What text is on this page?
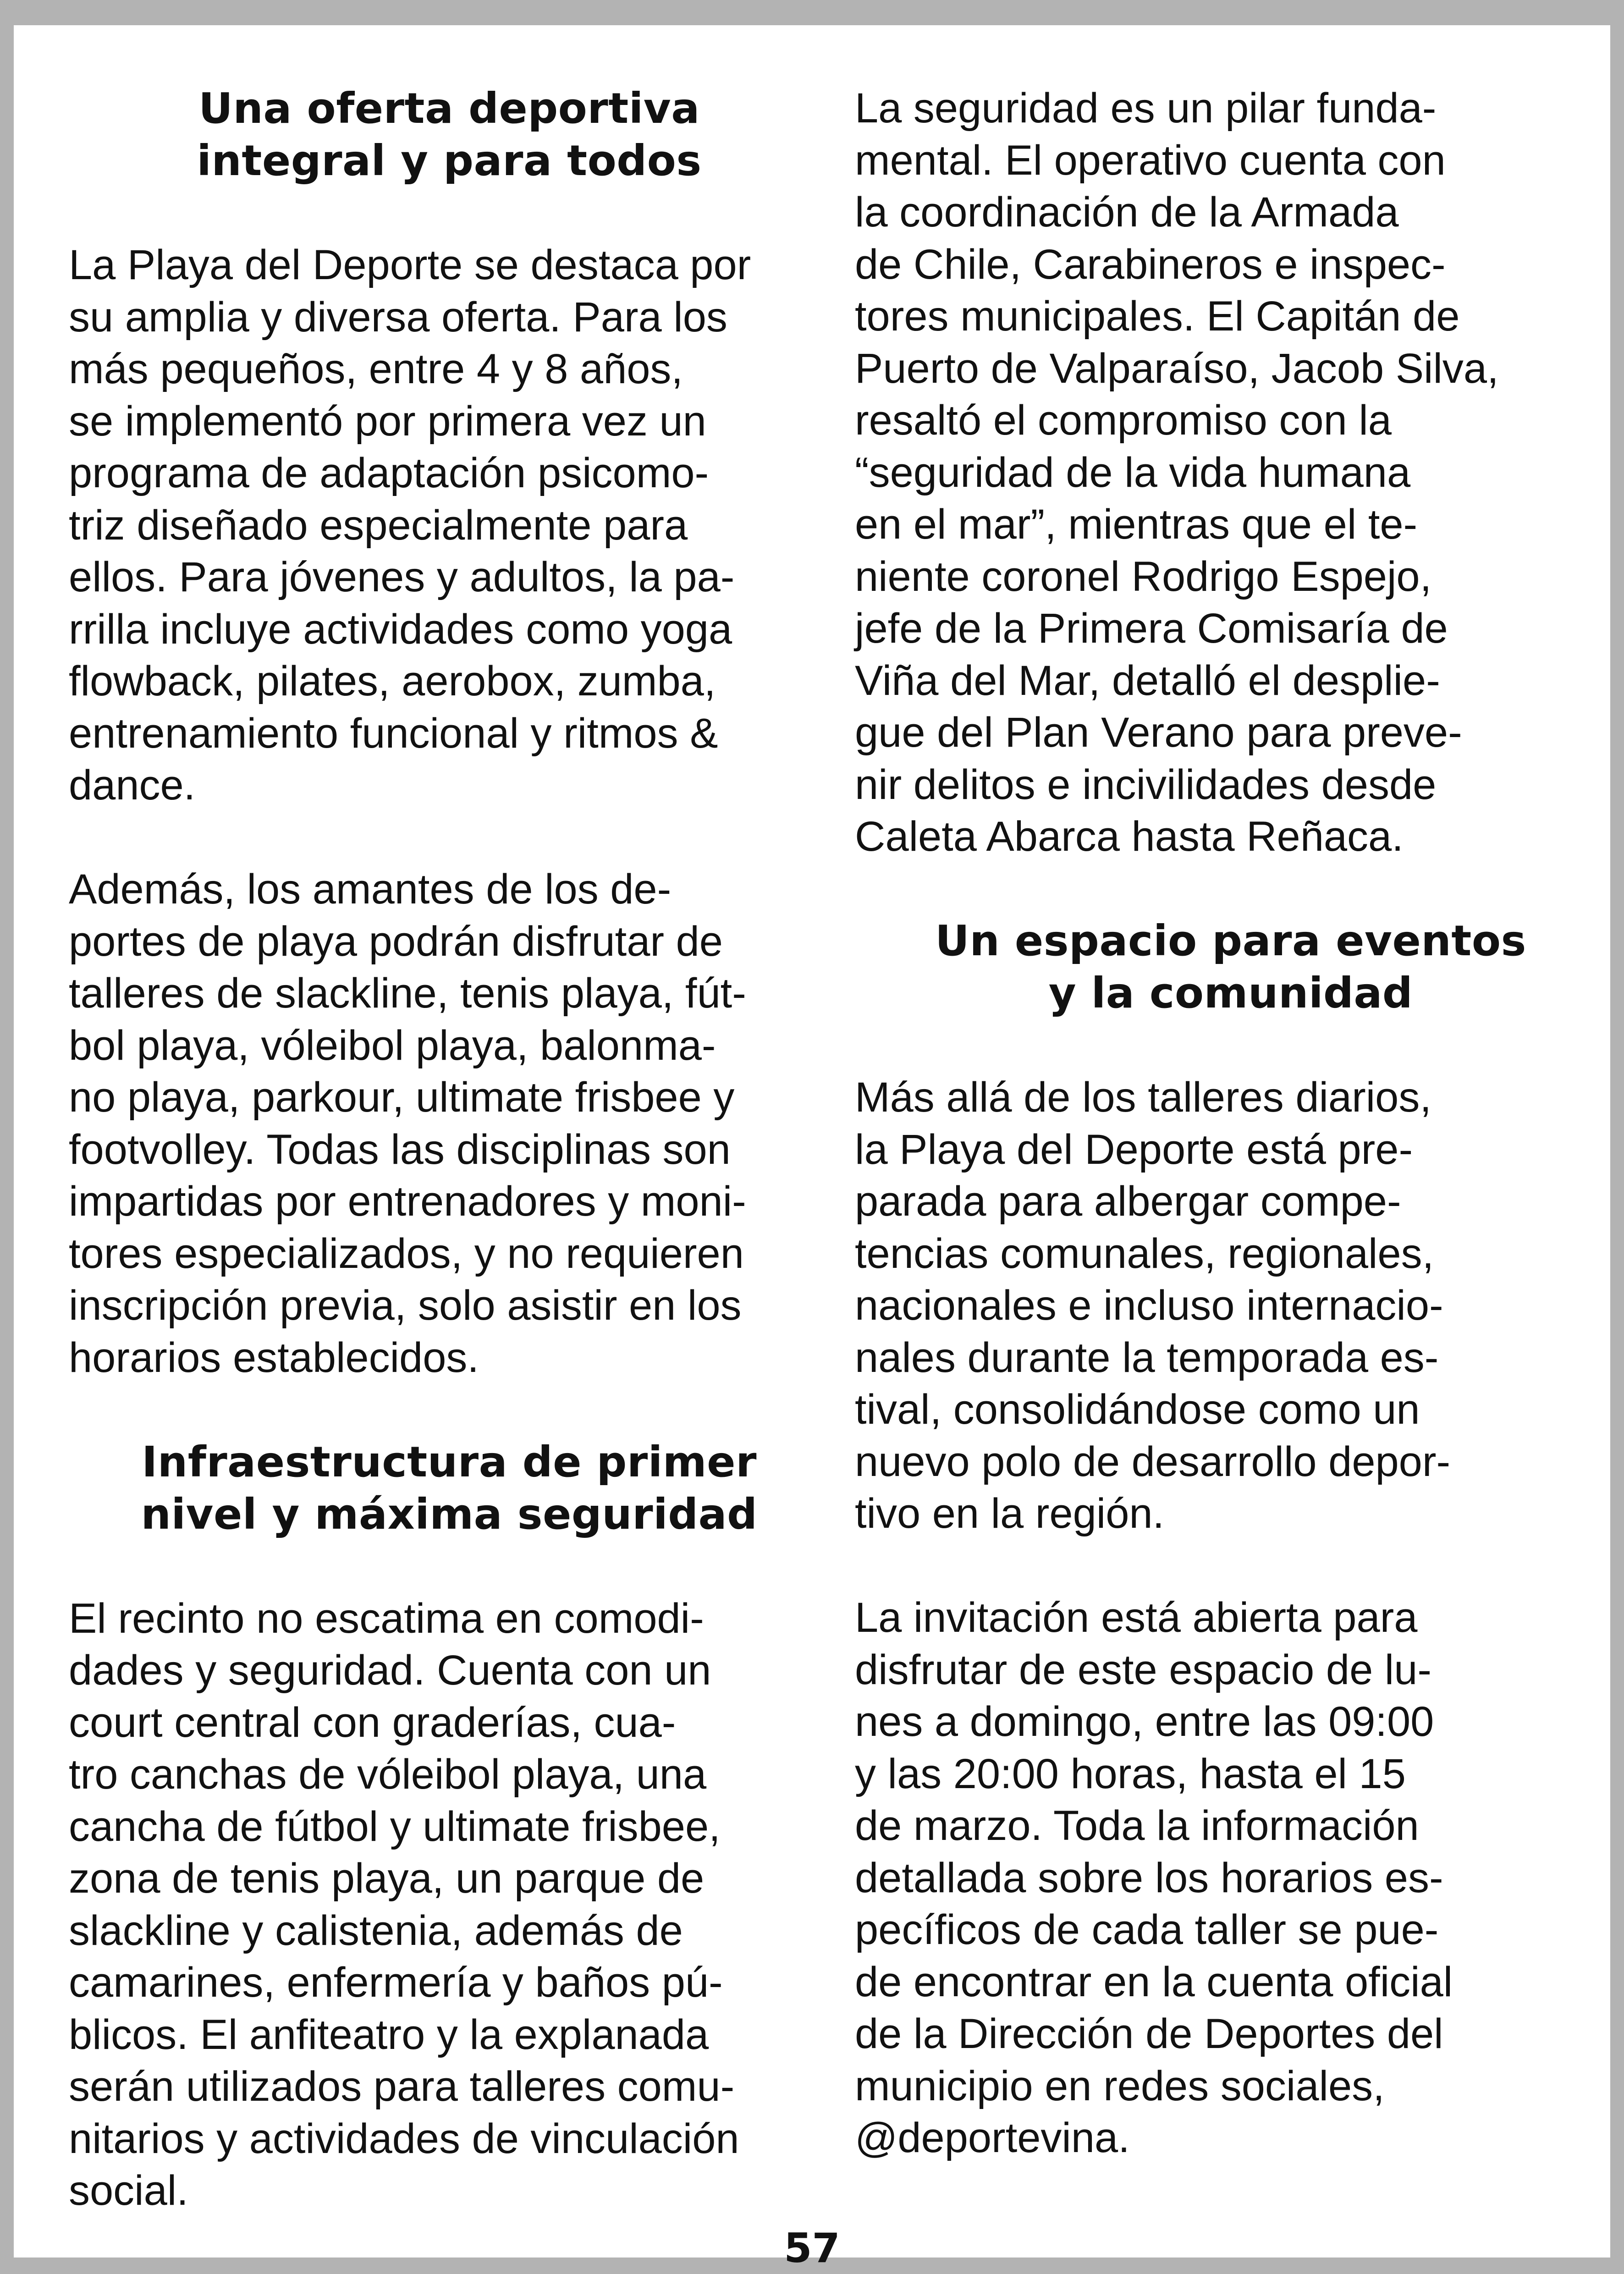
Una oferta deportiva
integral y para todos

La Playa del Deporte se destaca por
su amplia y diversa oferta. Para los
más pequeños, entre 4 y 8 años,
se implementó por primera vez un
programa de adaptación psicomo-
triz diseñado especialmente para
ellos. Para jóvenes y adultos, la pa-
rrilla incluye actividades como yoga
flowback, pilates, aerobox, zumba,
entrenamiento funcional y ritmos &
dance.

Además, los amantes de los de-
portes de playa podrán disfrutar de
talleres de slackline, tenis playa, fút-
bol playa, vóleibol playa, balonma-
no playa, parkour, ultimate frisbee y
footvolley. Todas las disciplinas son
impartidas por entrenadores y moni-
tores especializados, y no requieren
inscripción previa, solo asistir en los
horarios establecidos.

Infraestructura de primer
nivel y máxima seguridad

El recinto no escatima en comodi-
dades y seguridad. Cuenta con un
court central con graderías, cua-
tro canchas de vóleibol playa, una
cancha de fútbol y ultimate frisbee,
zona de tenis playa, un parque de
slackline y calistenia, además de
camarines, enfermería y baños pú-
blicos. El anfiteatro y la explanada
serán utilizados para talleres comu-
nitarios y actividades de vinculación
social.

La seguridad es un pilar funda-
mental. El operativo cuenta con
la coordinación de la Armada
de Chile, Carabineros e inspec-
tores municipales. El Capitán de
Puerto de Valparaíso, Jacob Silva,
resaltó el compromiso con la
“seguridad de la vida humana
en el mar”, mientras que el te-
niente coronel Rodrigo Espejo,
jefe de la Primera Comisaría de
Viña del Mar, detalló el desplie-
gue del Plan Verano para preve-
nir delitos e incivilidades desde
Caleta Abarca hasta Reñaca.

Un espacio para eventos
y la comunidad

Más allá de los talleres diarios,
la Playa del Deporte está pre-
parada para albergar compe-
tencias comunales, regionales,
nacionales e incluso internacio-
nales durante la temporada es-
tival, consolidándose como un
nuevo polo de desarrollo depor-
tivo en la región.

La invitación está abierta para
disfrutar de este espacio de lu-
nes a domingo, entre las 09:00
y las 20:00 horas, hasta el 15
de marzo. Toda la información
detallada sobre los horarios es-
pecíficos de cada taller se pue-
de encontrar en la cuenta oficial
de la Dirección de Deportes del
municipio en redes sociales,
@deportevina.

57
